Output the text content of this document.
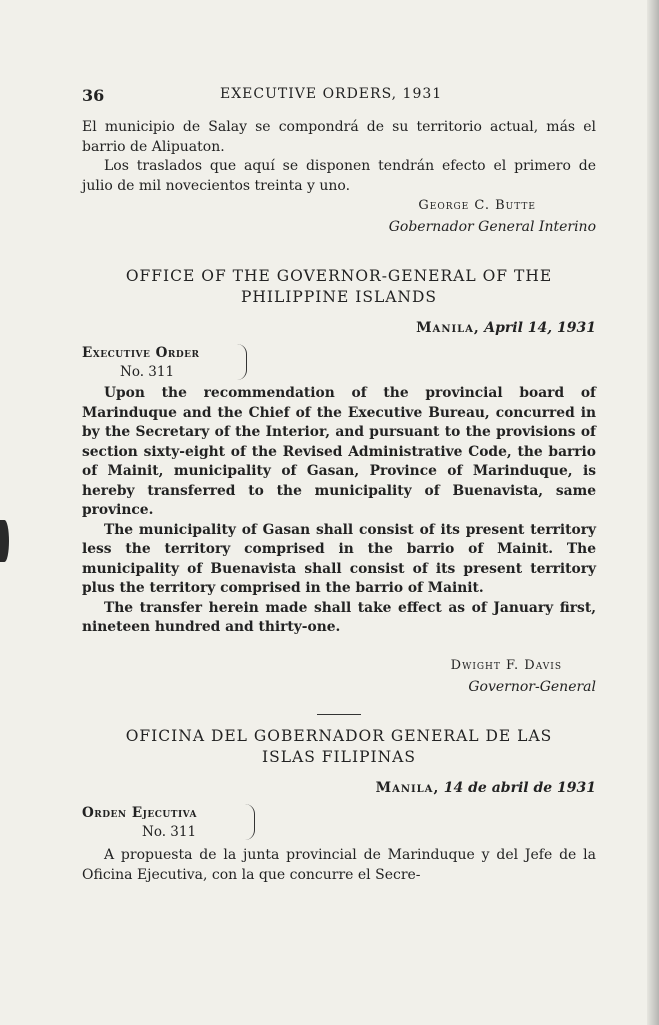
36	EXECUTIVE ORDERS, 1931

El municipio de Salay se compondrá de su territorio actual, más el barrio de Alipuaton.

Los traslados que aquí se disponen tendrán efecto el primero de julio de mil novecientos treinta y uno.

George C. Butte
Gobernador General Interino

OFFICE OF THE GOVERNOR-GENERAL OF THE

PHILIPPINE ISLANDS

Manila, April 14, 1931
Executive Order
No. 311

Upon the recommendation of the provincial board of Marinduque and the Chief of the Executive Bureau, concurred in by the Secretary of the Interior, and pursuant to the provisions of section sixty-eight of the Revised Administrative Code, the barrio of Mainit, municipality of Gasan, Province of Marinduque, is hereby transferred to the municipality of Buenavista, same province.

The municipality of Gasan shall consist of its present territory less the territory comprised in the barrio of Mainit. The municipality of Buenavista shall consist of its present territory plus the territory comprised in the barrio of Mainit.

The transfer herein made shall take effect as of January first, nineteen hundred and thirty-one.

Dwight F. Davis
Governor-General

OFICINA DEL GOBERNADOR GENERAL DE LAS

ISLAS FILIPINAS

Manila, 14 de abril de 1931
Orden Ejecutiva
No. 311

A propuesta de la junta provincial de Marinduque y del Jefe de la Oficina Ejecutiva, con la que concurre el Secre-
